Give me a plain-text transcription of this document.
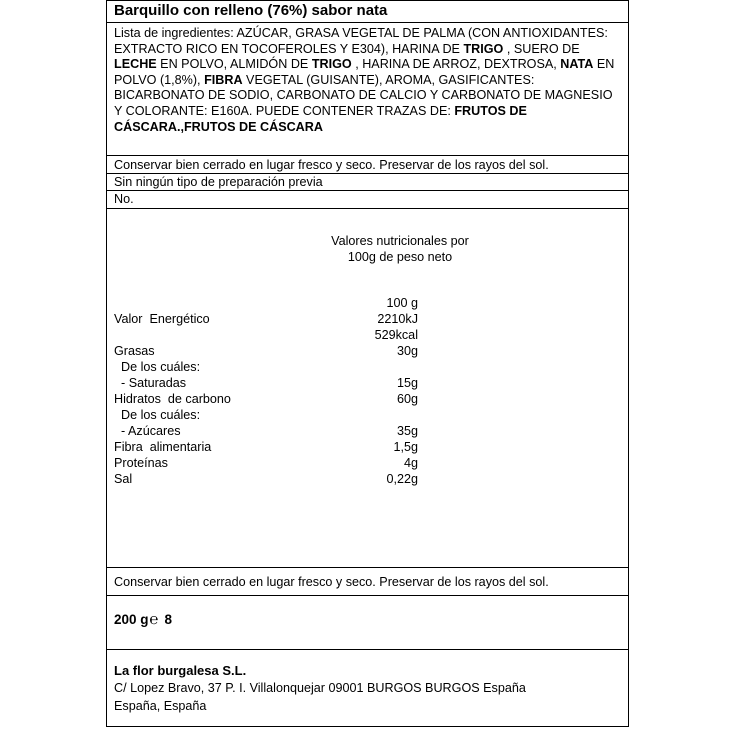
Barquillo con relleno (76%) sabor nata
Lista de ingredientes: AZÚCAR, GRASA VEGETAL DE PALMA (CON ANTIOXIDANTES: EXTRACTO RICO EN TOCOFEROLES Y E304), HARINA DE TRIGO , SUERO DE LECHE EN POLVO, ALMIDÓN DE TRIGO , HARINA DE ARROZ, DEXTROSA, NATA EN POLVO (1,8%), FIBRA VEGETAL (GUISANTE), AROMA, GASIFICANTES: BICARBONATO DE SODIO, CARBONATO DE CALCIO Y CARBONATO DE MAGNESIO Y COLORANTE: E160A. PUEDE CONTENER TRAZAS DE: FRUTOS DE CÁSCARA.,FRUTOS DE CÁSCARA
Conservar bien cerrado en lugar fresco y seco. Preservar de los rayos del sol.
Sin ningún tipo de preparación previa
No.
Valores nutricionales por 100g de peso neto
100 g
Valor  Energético	2210kJ
529kcal
Grasas	30g
De los cuáles:
- Saturadas	15g
Hidratos  de carbono	60g
De los cuáles:
- Azúcares	35g
Fibra  alimentaria	1,5g
Proteínas	4g
Sal	0,22g
Conservar bien cerrado en lugar fresco y seco. Preservar de los rayos del sol.
200 g℮ 8
La flor burgalesa S.L.
C/ Lopez Bravo, 37 P. I. Villalonquejar 09001 BURGOS BURGOS España
España, España
